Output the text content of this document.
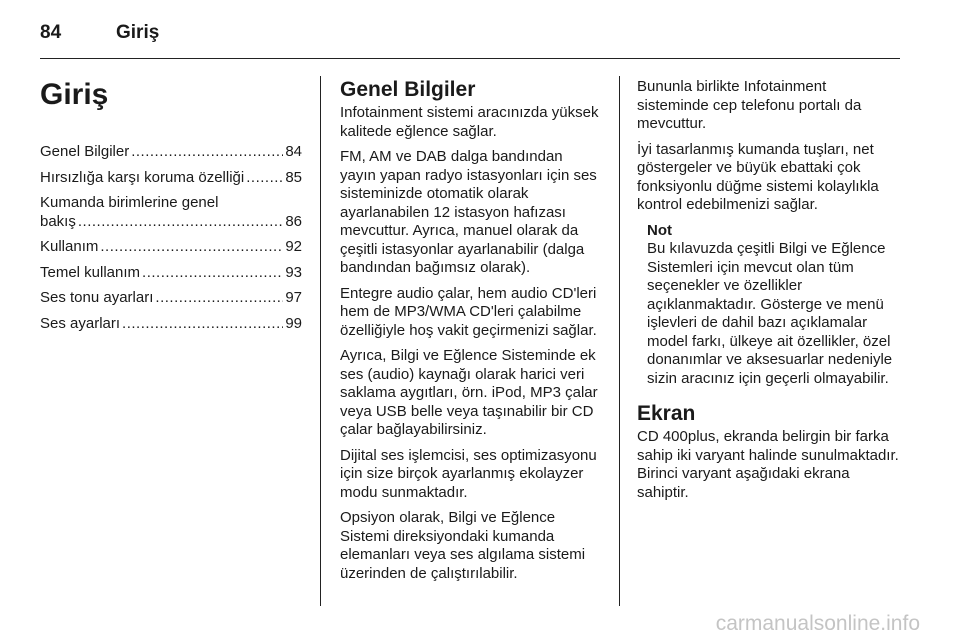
84	Giriş
Giriş
Genel Bilgiler .....	84
Hırsızlığa karşı koruma özelliği .....	85
Kumanda birimlerine genel
bakış .....	86
Kullanım .....	92
Temel kullanım .....	93
Ses tonu ayarları .....	97
Ses ayarları .....	99
Genel Bilgiler

Infotainment sistemi aracınızda yüksek kalitede eğlence sağlar.

FM, AM ve DAB dalga bandından yayın yapan radyo istasyonları için ses sisteminizde otomatik olarak ayarlanabilen 12 istasyon hafızası mevcuttur. Ayrıca, manuel olarak da çeşitli istasyonlar ayarlanabilir (dalga bandından bağımsız olarak).

Entegre audio çalar, hem audio CD'leri hem de MP3/WMA CD'leri çalabilme özelliğiyle hoş vakit geçirmenizi sağlar.

Ayrıca, Bilgi ve Eğlence Sisteminde ek ses (audio) kaynağı olarak harici veri saklama aygıtları, örn. iPod, MP3 çalar veya USB belle veya taşınabilir bir CD çalar bağlayabilirsiniz.

Dijital ses işlemcisi, ses optimizasyonu için size birçok ayarlanmış ekolayzer modu sunmaktadır.

Opsiyon olarak, Bilgi ve Eğlence Sistemi direksiyondaki kumanda elemanları veya ses algılama sistemi üzerinden de çalıştırılabilir.

Bununla birlikte Infotainment sisteminde cep telefonu portalı da mevcuttur.

İyi tasarlanmış kumanda tuşları, net göstergeler ve büyük ebattaki çok fonksiyonlu düğme sistemi kolaylıkla kontrol edebilmenizi sağlar.

Not
Bu kılavuzda çeşitli Bilgi ve Eğlence Sistemleri için mevcut olan tüm seçenekler ve özellikler açıklanmaktadır. Gösterge ve menü işlevleri de dahil bazı açıklamalar model farkı, ülkeye ait özellikler, özel donanımlar ve aksesuarlar nedeniyle sizin aracınız için geçerli olmayabilir.
Ekran

CD 400plus, ekranda belirgin bir farka sahip iki varyant halinde sunulmaktadır. Birinci varyant aşağıdaki ekrana sahiptir.

carmanualsonline.info
